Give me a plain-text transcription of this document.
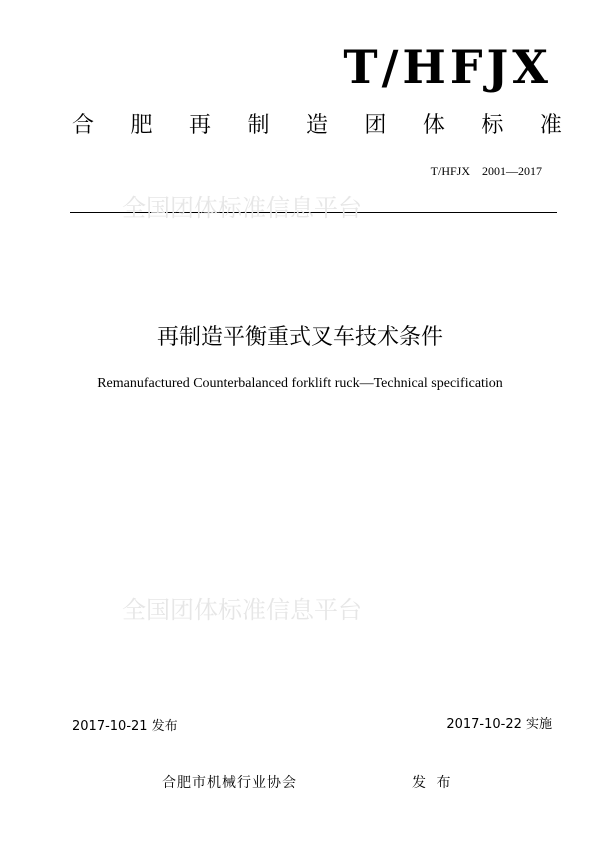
T/HFJX
合 肥 再 制 造 团 体 标 准
T/HFJX    2001—2017
全国团体标准信息平台
再制造平衡重式叉车技术条件
Remanufactured Counterbalanced forklift ruck—Technical specification
全国团体标准信息平台
2017-10-21 发布	2017-10-22 实施
合肥市机械行业协会	发 布
